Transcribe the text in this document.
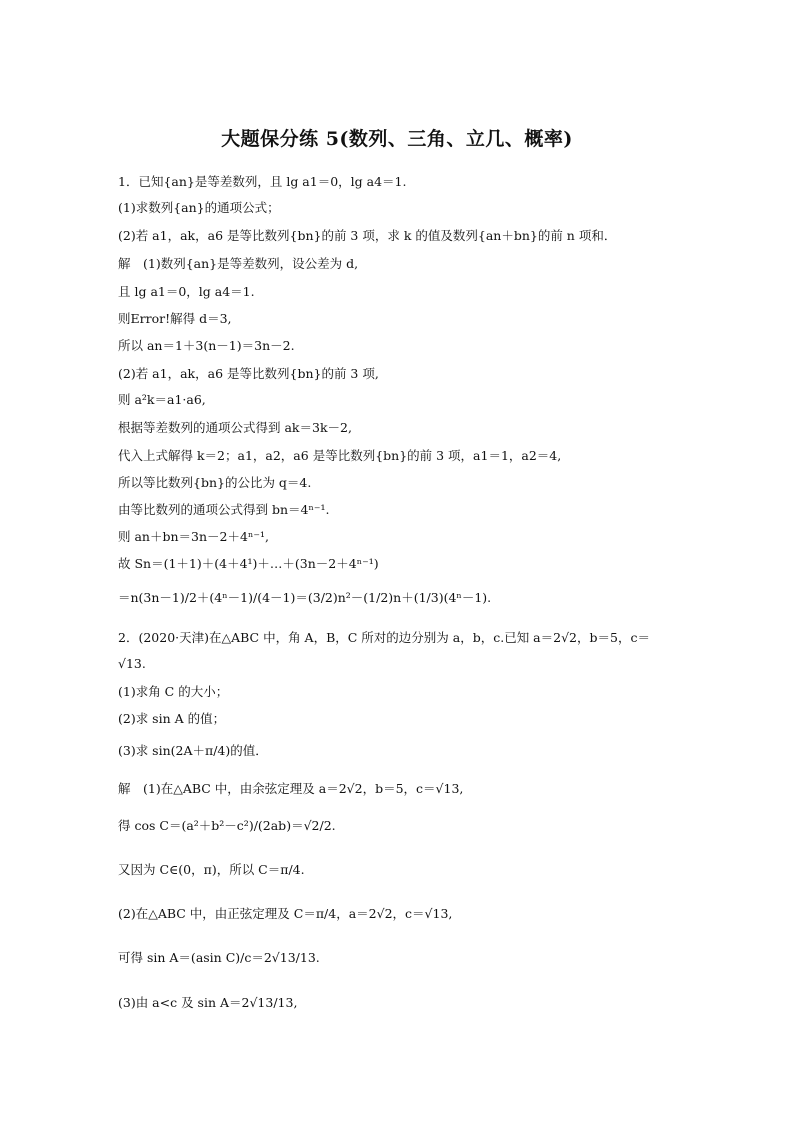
大题保分练 5(数列、三角、立几、概率)
1．已知{an}是等差数列，且 lg a1＝0，lg a4＝1.
(1)求数列{an}的通项公式；
(2)若 a1，ak，a6 是等比数列{bn}的前 3 项，求 k 的值及数列{an＋bn}的前 n 项和．
解　(1)数列{an}是等差数列，设公差为 d,
且 lg a1＝0，lg a4＝1.
则Error!解得 d＝3,
所以 an＝1＋3(n－1)＝3n－2.
(2)若 a1，ak，a6 是等比数列{bn}的前 3 项,
则 a²k＝a1·a6,
根据等差数列的通项公式得到 ak＝3k－2,
代入上式解得 k＝2；a1，a2，a6 是等比数列{bn}的前 3 项，a1＝1，a2＝4,
所以等比数列{bn}的公比为 q＝4.
由等比数列的通项公式得到 bn＝4ⁿ⁻¹.
则 an＋bn＝3n－2＋4ⁿ⁻¹,
故 Sn＝(1＋1)＋(4＋4¹)＋…＋(3n－2＋4ⁿ⁻¹)
＝n(3n－1)/2＋(4ⁿ－1)/(4－1)＝(3/2)n²－(1/2)n＋(1/3)(4ⁿ－1).
2．(2020·天津)在△ABC 中，角 A，B，C 所对的边分别为 a，b，c.已知 a＝2√2，b＝5，c＝
√13.
(1)求角 C 的大小；
(2)求 sin A 的值；
(3)求 sin(2A＋π/4)的值．
解　(1)在△ABC 中，由余弦定理及 a＝2√2，b＝5，c＝√13,
得 cos C＝(a²＋b²－c²)/(2ab)＝√2/2.
又因为 C∈(0，π)，所以 C＝π/4.
(2)在△ABC 中，由正弦定理及 C＝π/4，a＝2√2，c＝√13,
可得 sin A＝(asin C)/c＝2√13/13.
(3)由 a<c 及 sin A＝2√13/13,
